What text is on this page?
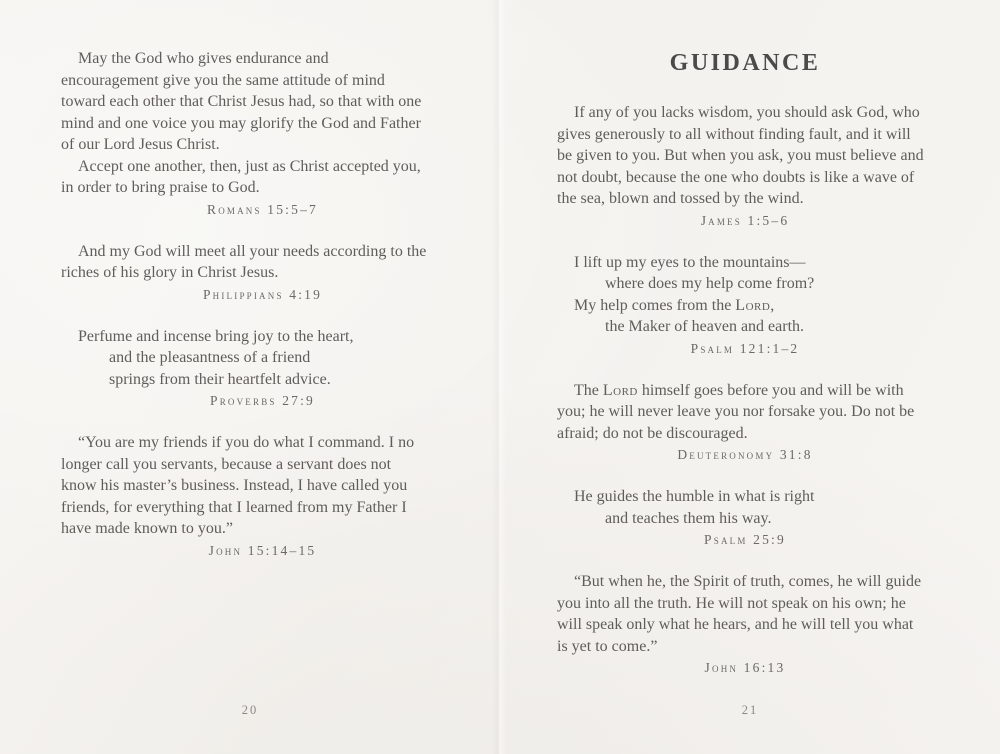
May the God who gives endurance and
encouragement give you the same attitude of mind
toward each other that Christ Jesus had, so that with one
mind and one voice you may glorify the God and Father
of our Lord Jesus Christ.
Accept one another, then, just as Christ accepted you,
in order to bring praise to God.
Romans 15:5–7
And my God will meet all your needs according to the
riches of his glory in Christ Jesus.
Philippians 4:19
Perfume and incense bring joy to the heart,
and the pleasantness of a friend
springs from their heartfelt advice.
Proverbs 27:9
“You are my friends if you do what I command. I no
longer call you servants, because a servant does not
know his master’s business. Instead, I have called you
friends, for everything that I learned from my Father I
have made known to you.”
John 15:14–15
20
GUIDANCE
If any of you lacks wisdom, you should ask God, who
gives generously to all without finding fault, and it will
be given to you. But when you ask, you must believe and
not doubt, because the one who doubts is like a wave of
the sea, blown and tossed by the wind.
James 1:5–6
I lift up my eyes to the mountains—
where does my help come from?
My help comes from the Lord,
the Maker of heaven and earth.
Psalm 121:1–2
The Lord himself goes before you and will be with
you; he will never leave you nor forsake you. Do not be
afraid; do not be discouraged.
Deuteronomy 31:8
He guides the humble in what is right
and teaches them his way.
Psalm 25:9
“But when he, the Spirit of truth, comes, he will guide
you into all the truth. He will not speak on his own; he
will speak only what he hears, and he will tell you what
is yet to come.”
John 16:13
21
